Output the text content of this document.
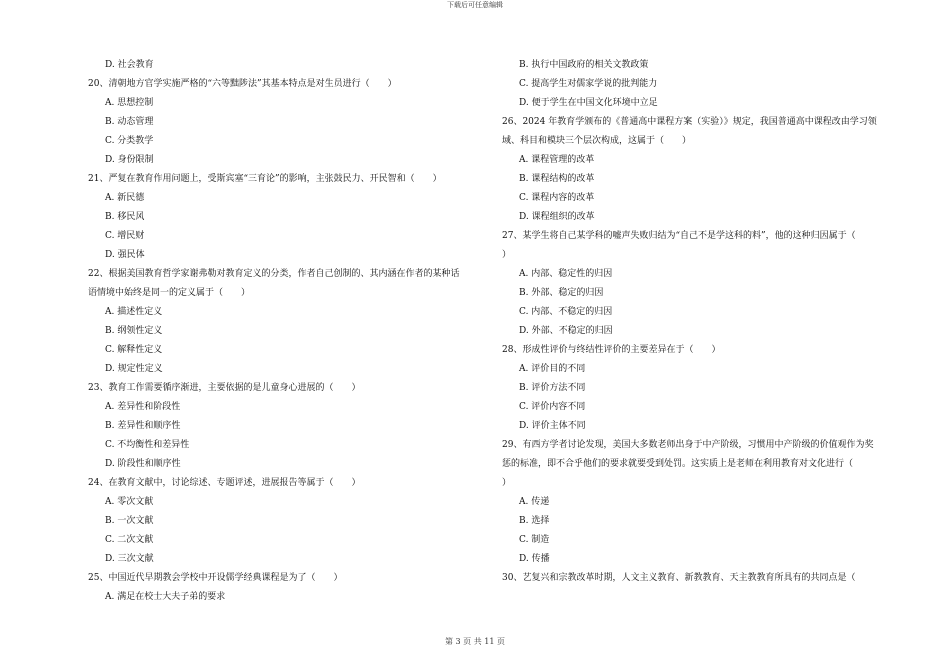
下载后可任意编辑
D. 社会教育
20、清朝地方官学实施严格的“六等黜陟法”其基本特点是对生员进行（　　）
A. 思想控制
B. 动态管理
C. 分类教学
D. 身份限制
21、严复在教育作用问题上，受斯宾塞“三育论”的影响，主张鼓民力、开民智和（　　）
A. 新民德
B. 移民风
C. 增民财
D. 强民体
22、根据美国教育哲学家谢弗勒对教育定义的分类，作者自己创制的、其内涵在作者的某种话
语情境中始终是同一的定义属于（　　）
A. 描述性定义
B. 纲领性定义
C. 解释性定义
D. 规定性定义
23、教育工作需要循序渐进，主要依据的是儿童身心进展的（　　）
A. 差异性和阶段性
B. 差异性和顺序性
C. 不均衡性和差异性
D. 阶段性和顺序性
24、在教育文献中，讨论综述、专题评述，进展报告等属于（　　）
A. 零次文献
B. 一次文献
C. 二次文献
D. 三次文献
25、中国近代早期教会学校中开设儒学经典课程是为了（　　）
A. 满足在校士大夫子弟的要求
B. 执行中国政府的相关文教政策
C. 提高学生对儒家学说的批判能力
D. 便于学生在中国文化环境中立足
26、2024 年教育学颁布的《普通高中课程方案（实验）》规定，我国普通高中课程改由学习领
域、科目和模块三个层次构成，这属于（　　）
A. 课程管理的改革
B. 课程结构的改革
C. 课程内容的改革
D. 课程组织的改革
27、某学生将自己某学科的嘘声失败归结为“自己不是学这科的料”，他的这种归因属于（
）
A. 内部、稳定性的归因
B. 外部、稳定的归因
C. 内部、不稳定的归因
D. 外部、不稳定的归因
28、形成性评价与终结性评价的主要差异在于（　　）
A. 评价目的不同
B. 评价方法不同
C. 评价内容不同
D. 评价主体不同
29、有西方学者讨论发现，美国大多数老师出身于中产阶级，习惯用中产阶级的价值观作为奖
惩的标准，即不合乎他们的要求就要受到处罚。这实质上是老师在利用教育对文化进行（
）
A. 传递
B. 选择
C. 制造
D. 传播
30、艺复兴和宗教改革时期，人文主义教育、新教教育、天主教教育所具有的共同点是（
第 3 页 共 11 页
